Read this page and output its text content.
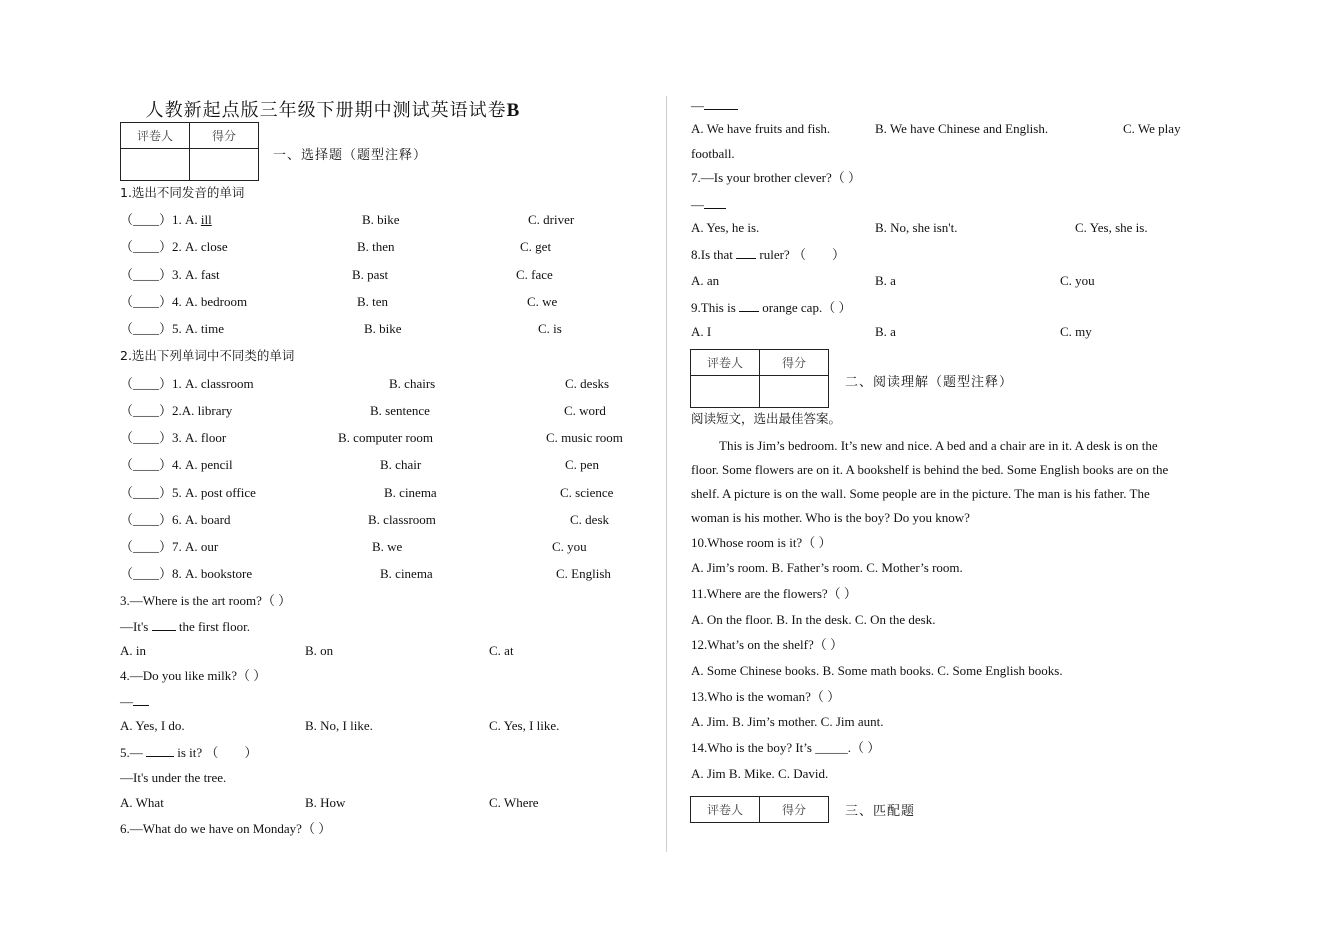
人教新起点版三年级下册期中测试英语试卷B
评卷人	得分

一、选择题（题型注释）
1.选出不同发音的单词
（____）1. A. ill	B. bike	C. driver
（____）2. A. close	B. then	C. get
（____）3. A. fast	B. past	C. face
（____）4. A. bedroom	B. ten	C. we
（____）5. A. time	B. bike	C. is
2.选出下列单词中不同类的单词
（____）1. A. classroom	B. chairs	C. desks
（____）2.A. library	B. sentence	C. word
（____）3. A. floor	B. computer room	C. music room
（____）4. A. pencil	B. chair	C. pen
（____）5. A. post office	B. cinema	C. science
（____）6. A. board	B. classroom	C. desk
（____）7. A. our	B. we	C. you
（____）8. A. bookstore	B. cinema	C. English
3.—Where is the art room?（ ）
—It's the first floor.
A. in	B. on	C. at
4.—Do you like milk?（ ）
—
A. Yes, I do.	B. No, I like.	C. Yes, I like.
5.—	is it? （　　）
—It's under the tree.
A. What	B. How	C. Where
6.—What do we have on Monday?（ ）
—
A. We have fruits and fish.	B. We have Chinese and English.	C. We play
football.
7.—Is your brother clever?（ ）
—
A. Yes, he is.	B. No, she isn't.	C. Yes, she is.
8.Is that ruler? （　　）
A. an	B. a	C. you
9.This is orange cap.（ ）
A. I	B. a	C. my
评卷人	得分

二、阅读理解（题型注释）
阅读短文，选出最佳答案。
This is Jim’s bedroom. It’s new and nice. A bed and a chair are in it. A desk is on the
floor. Some flowers are on it. A bookshelf is behind the bed. Some English books are on the
shelf. A picture is on the wall. Some people are in the picture. The man is his father. The
woman is his mother. Who is the boy? Do you know?
10.Whose room is it?（ ）
A. Jim’s room. B. Father’s room. C. Mother’s room.
11.Where are the flowers?（ ）
A. On the floor. B. In the desk. C. On the desk.
12.What’s on the shelf?（ ）
A. Some Chinese books. B. Some math books. C. Some English books.
13.Who is the woman?（ ）
A. Jim. B. Jim’s mother. C. Jim aunt.
14.Who is the boy? It’s _____.（ ）
A. Jim B. Mike. C. David.
评卷人	得分	三、匹配题
